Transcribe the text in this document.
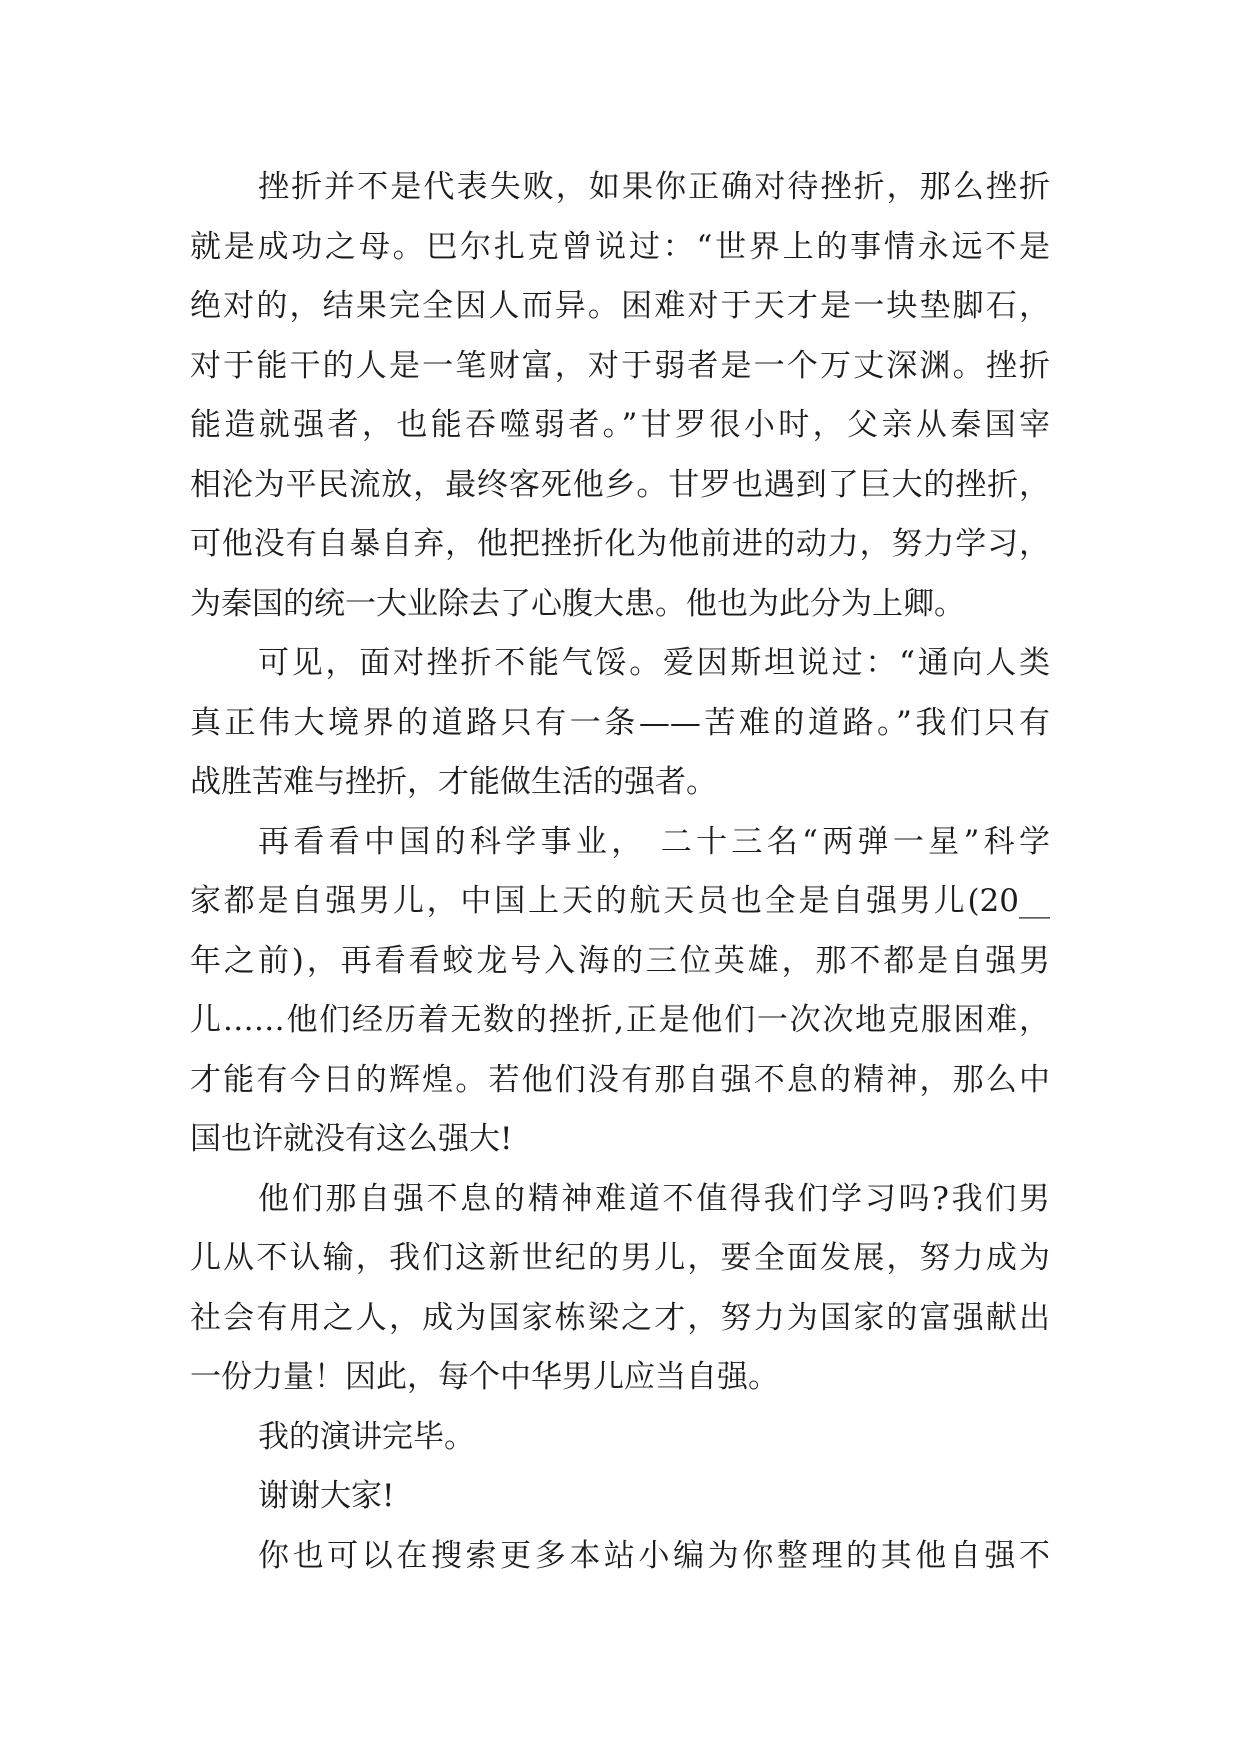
挫折并不是代表失败，如果你正确对待挫折，那么挫折
就是成功之母。巴尔扎克曾说过：“世界上的事情永远不是
绝对的，结果完全因人而异。困难对于天才是一块垫脚石，
对于能干的人是一笔财富，对于弱者是一个万丈深渊。挫折
能造就强者，也能吞噬弱者。”甘罗很小时，父亲从秦国宰
相沦为平民流放，最终客死他乡。甘罗也遇到了巨大的挫折，
可他没有自暴自弃，他把挫折化为他前进的动力，努力学习，
为秦国的统一大业除去了心腹大患。他也为此分为上卿。
可见，面对挫折不能气馁。爱因斯坦说过：“通向人类
真正伟大境界的道路只有一条——苦难的道路。”我们只有
战胜苦难与挫折，才能做生活的强者。
再看看中国的科学事业， 二十三名“两弹一星”科学
家都是自强男儿，中国上天的航天员也全是自强男儿(20__
年之前)，再看看蛟龙号入海的三位英雄，那不都是自强男
儿……他们经历着无数的挫折,正是他们一次次地克服困难，
才能有今日的辉煌。若他们没有那自强不息的精神，那么中
国也许就没有这么强大!
他们那自强不息的精神难道不值得我们学习吗?我们男
儿从不认输，我们这新世纪的男儿，要全面发展，努力成为
社会有用之人，成为国家栋梁之才，努力为国家的富强献出
一份力量！因此，每个中华男儿应当自强。
我的演讲完毕。
谢谢大家!
你也可以在搜索更多本站小编为你整理的其他自强不
